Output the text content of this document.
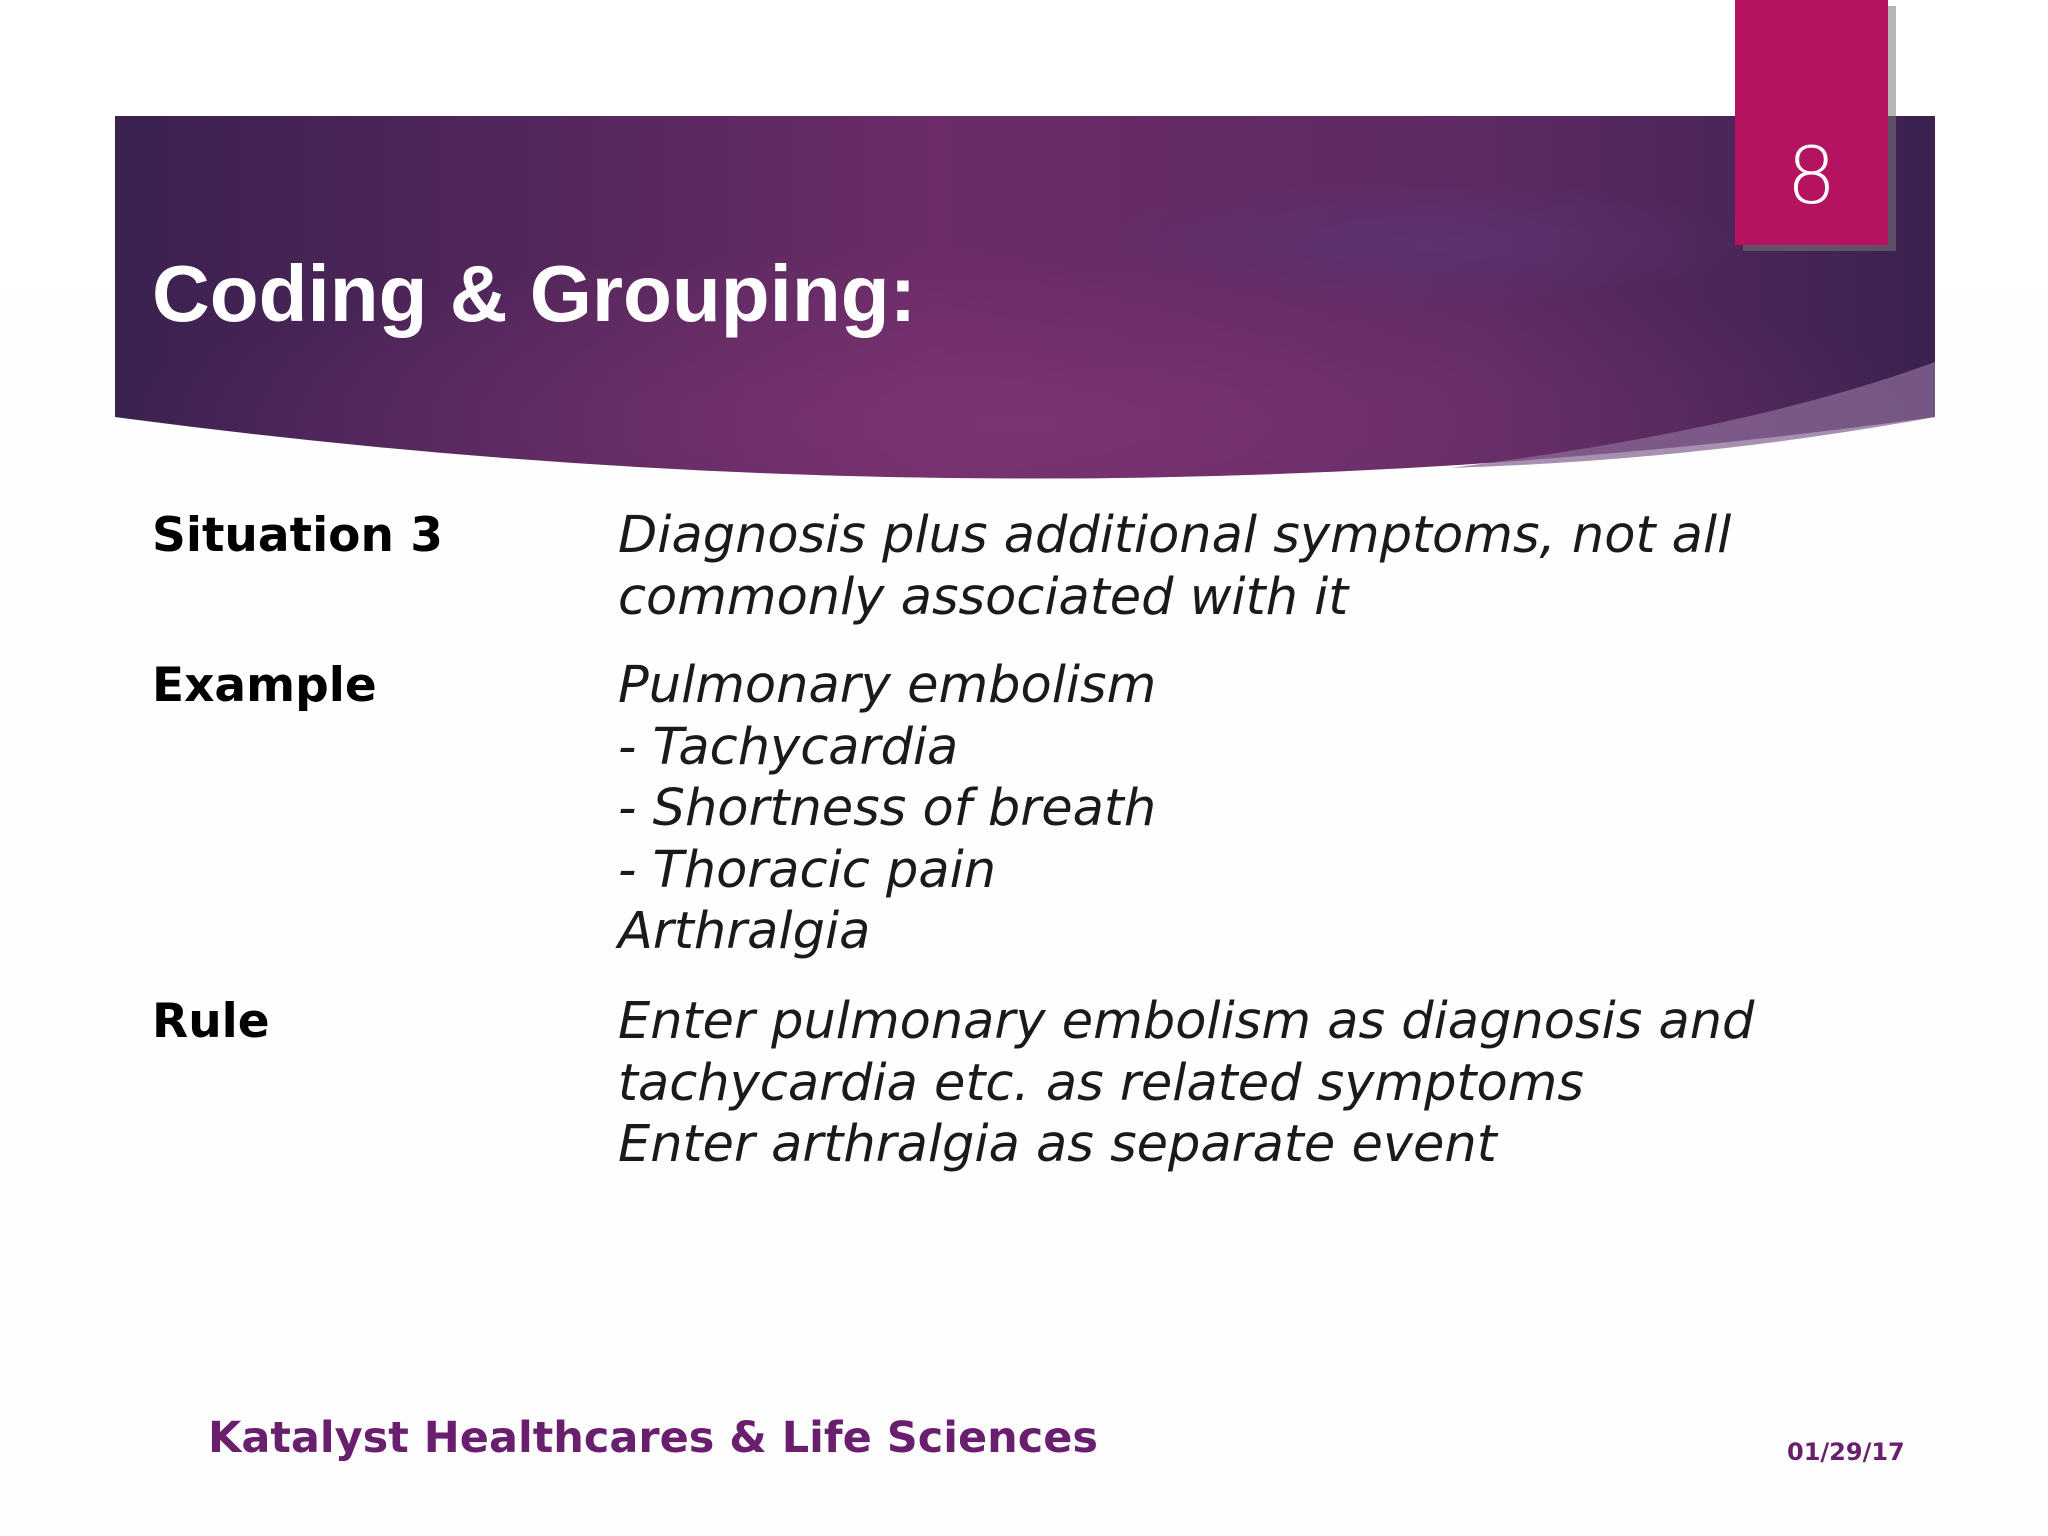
8
Coding & Grouping:
Situation 3	Diagnosis plus additional symptoms, not all
commonly associated with it
Example	Pulmonary embolism
- Tachycardia
- Shortness of breath
- Thoracic pain
Arthralgia
Rule	Enter pulmonary embolism as diagnosis and
tachycardia etc. as related symptoms
Enter arthralgia as separate event
Katalyst Healthcares & Life Sciences	01/29/17
